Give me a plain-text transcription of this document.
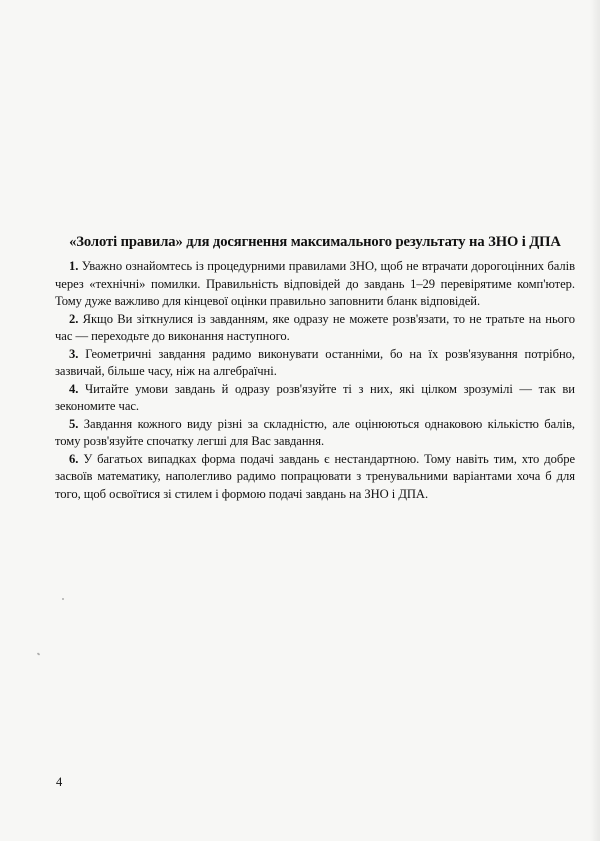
«Золоті правила» для досягнення максимального результату на ЗНО і ДПА

1. Уважно ознайомтесь із процедурними правилами ЗНО, щоб не втрачати дорогоцінних балів через «технічні» помилки. Правильність відповідей до завдань 1–29 перевірятиме комп'ютер. Тому дуже важливо для кінцевої оцінки правильно заповнити бланк відповідей.

2. Якщо Ви зіткнулися із завданням, яке одразу не можете розв'язати, то не тратьте на нього час — переходьте до виконання наступного.

3. Геометричні завдання радимо виконувати останніми, бо на їх розв'язування потрібно, зазвичай, більше часу, ніж на алгебраїчні.

4. Читайте умови завдань й одразу розв'язуйте ті з них, які цілком зрозумілі — так ви зекономите час.

5. Завдання кожного виду різні за складністю, але оцінюються однаковою кількістю балів, тому розв'язуйте спочатку легші для Вас завдання.

6. У багатьох випадках форма подачі завдань є нестандартною. Тому навіть тим, хто добре засвоїв математику, наполегливо радимо попрацювати з тренувальними варіантами хоча б для того, щоб освоїтися зі стилем і формою подачі завдань на ЗНО і ДПА.

4
